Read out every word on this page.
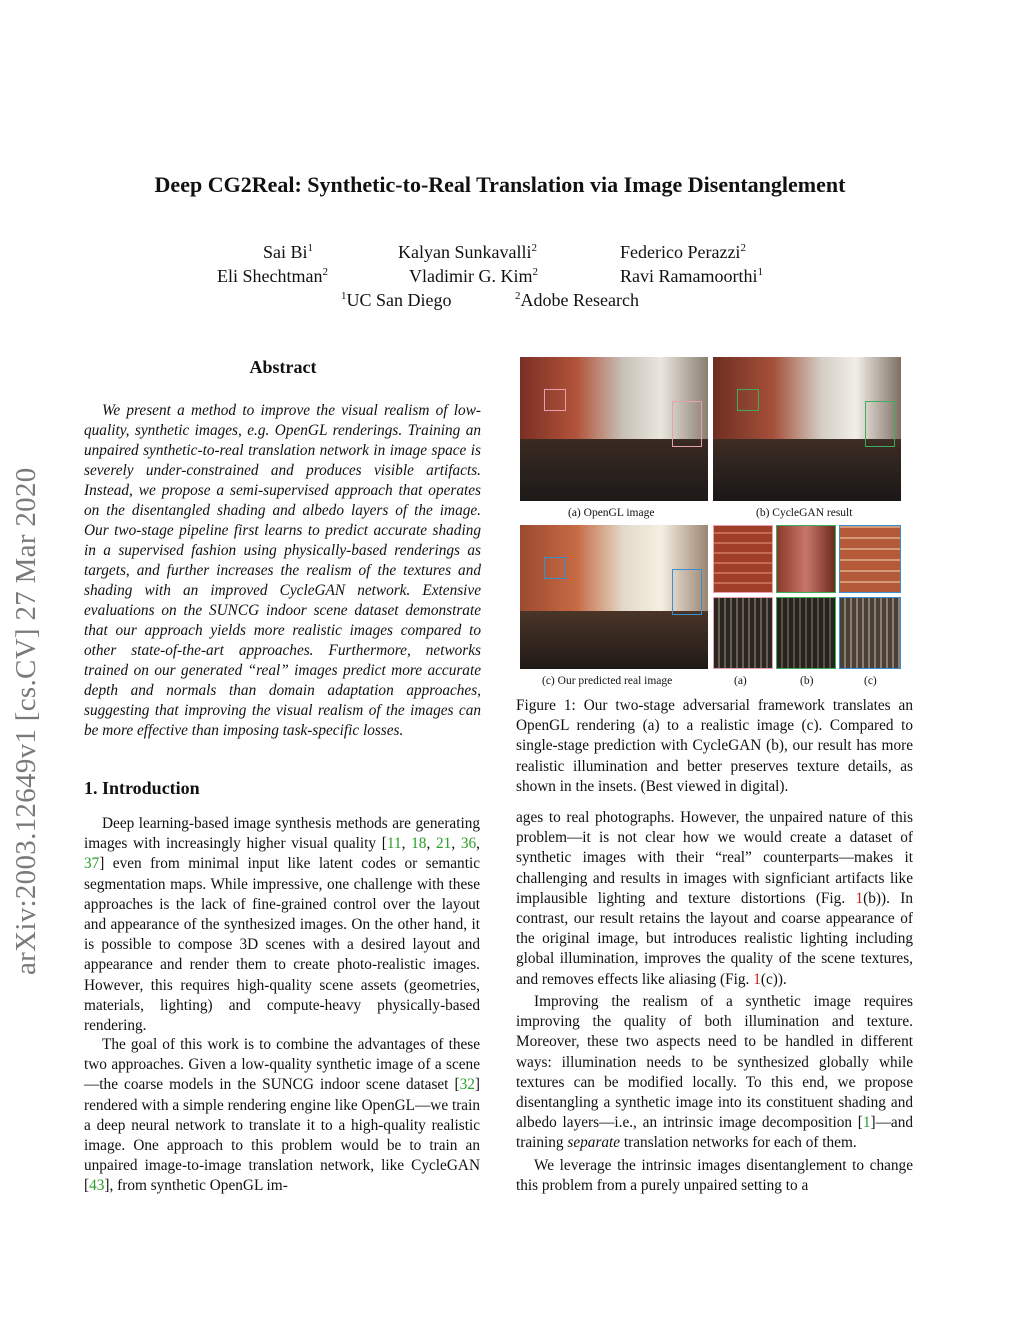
Deep CG2Real: Synthetic-to-Real Translation via Image Disentanglement
Sai Bi$^1$	Kalyan Sunkavalli$^2$	Federico Perazzi$^2$
Eli Shechtman$^2$	Vladimir G. Kim$^2$	Ravi Ramamoorthi$^1$
$^1$UC San Diego	$^2$Adobe Research
arXiv:2003.12649v1 [cs.CV] 27 Mar 2020
Abstract
We present a method to improve the visual realism of low-quality, synthetic images, e.g. OpenGL renderings. Training an unpaired synthetic-to-real translation network in image space is severely under-constrained and produces visible artifacts. Instead, we propose a semi-supervised approach that operates on the disentangled shading and albedo layers of the image. Our two-stage pipeline first learns to predict accurate shading in a supervised fashion using physically-based renderings as targets, and further increases the realism of the textures and shading with an improved CycleGAN network. Extensive evaluations on the SUNCG indoor scene dataset demonstrate that our approach yields more realistic images compared to other state-of-the-art approaches. Furthermore, networks trained on our generated “real” images predict more accurate depth and normals than domain adaptation approaches, suggesting that improving the visual realism of the images can be more effective than imposing task-specific losses.
1. Introduction
Deep learning-based image synthesis methods are generating images with increasingly higher visual quality [11, 18, 21, 36, 37] even from minimal input like latent codes or semantic segmentation maps. While impressive, one challenge with these approaches is the lack of fine-grained control over the layout and appearance of the synthesized images. On the other hand, it is possible to compose 3D scenes with a desired layout and appearance and render them to create photo-realistic images. However, this requires high-quality scene assets (geometries, materials, lighting) and compute-heavy physically-based rendering.
The goal of this work is to combine the advantages of these two approaches. Given a low-quality synthetic image of a scene—the coarse models in the SUNCG indoor scene dataset [32] rendered with a simple rendering engine like OpenGL—we train a deep neural network to translate it to a high-quality realistic image. One approach to this problem would be to train an unpaired image-to-image translation network, like CycleGAN [43], from synthetic OpenGL im-
(a) OpenGL image	(b) CycleGAN result
(c) Our predicted real image	(a)	(b)	(c)
Figure 1: Our two-stage adversarial framework translates an OpenGL rendering (a) to a realistic image (c). Compared to single-stage prediction with CycleGAN (b), our result has more realistic illumination and better preserves texture details, as shown in the insets. (Best viewed in digital).
ages to real photographs. However, the unpaired nature of this problem—it is not clear how we would create a dataset of synthetic images with their “real” counterparts—makes it challenging and results in images with signficiant artifacts like implausible lighting and texture distortions (Fig. 1(b)). In contrast, our result retains the layout and coarse appearance of the original image, but introduces realistic lighting including global illumination, improves the quality of the scene textures, and removes effects like aliasing (Fig. 1(c)).
Improving the realism of a synthetic image requires improving the quality of both illumination and texture. Moreover, these two aspects need to be handled in different ways: illumination needs to be synthesized globally while textures can be modified locally. To this end, we propose disentangling a synthetic image into its constituent shading and albedo layers—i.e., an intrinsic image decomposition [1]—and training separate translation networks for each of them.
We leverage the intrinsic images disentanglement to change this problem from a purely unpaired setting to a
